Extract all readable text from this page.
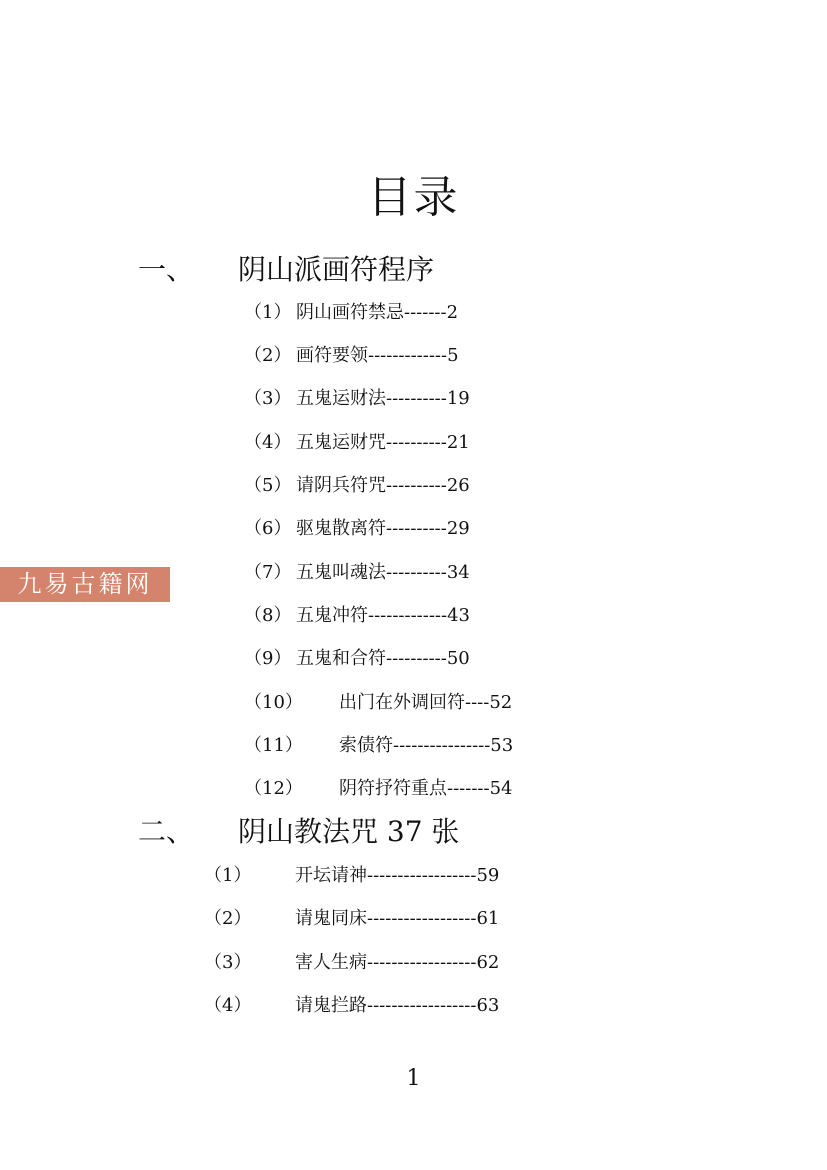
目录
一、 阴山派画符程序
（1） 阴山画符禁忌-------2
（2） 画符要领-------------5
（3） 五鬼运财法----------19
（4） 五鬼运财咒----------21
（5） 请阴兵符咒----------26
（6） 驱鬼散离符----------29
（7） 五鬼叫魂法----------34
（8） 五鬼冲符-------------43
（9） 五鬼和合符----------50
（10） 出门在外调回符----52
（11） 索债符----------------53
（12） 阴符抒符重点-------54
二、 阴山教法咒 37 张
（1） 开坛请神------------------59
（2） 请鬼同床------------------61
（3） 害人生病------------------62
（4） 请鬼拦路------------------63
九易古籍网
1
